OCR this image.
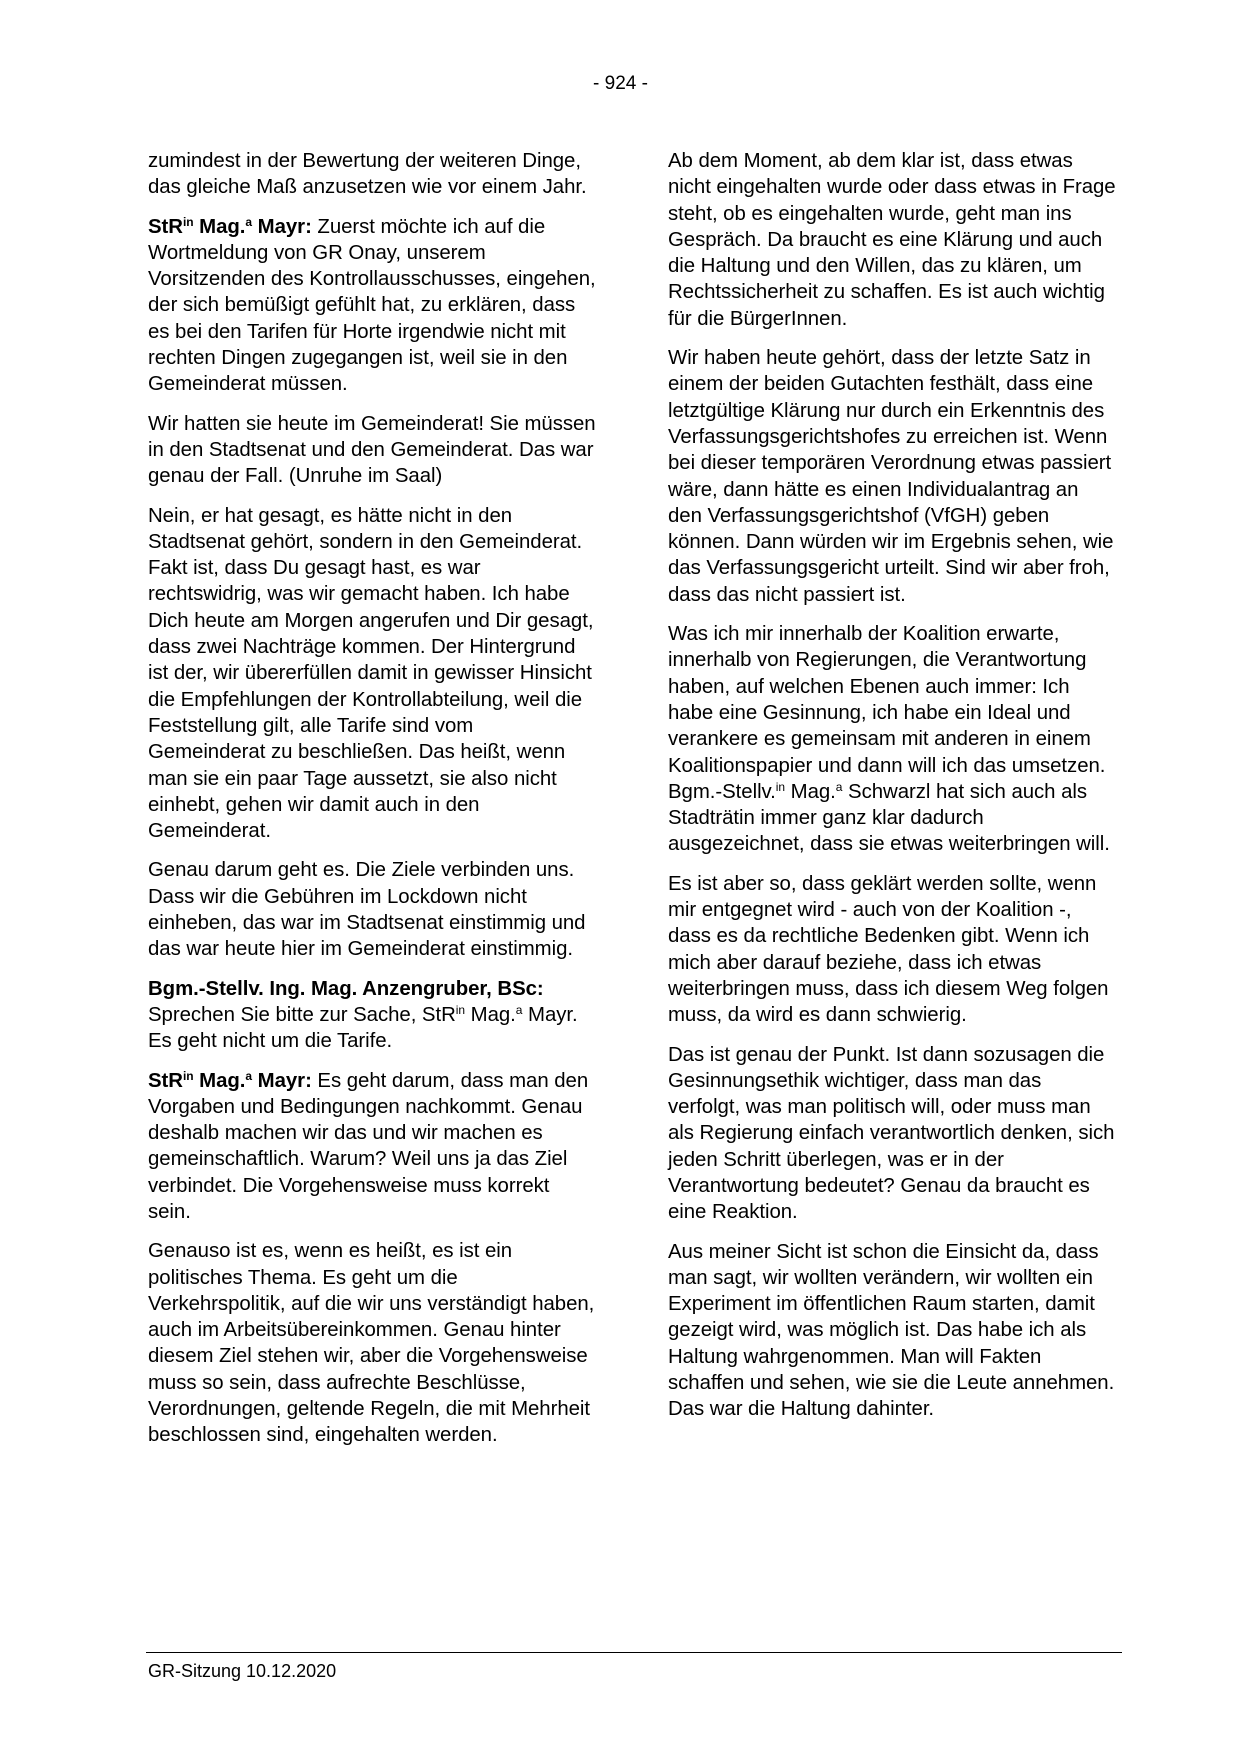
- 924 -

zumindest in der Bewertung der weiteren Dinge, das gleiche Maß anzusetzen wie vor einem Jahr.

StR$^{in}$ Mag.$^a$ Mayr: Zuerst möchte ich auf die Wortmeldung von GR Onay, unserem Vorsitzenden des Kontrollausschusses, eingehen, der sich bemüßigt gefühlt hat, zu erklären, dass es bei den Tarifen für Horte irgendwie nicht mit rechten Dingen zugegangen ist, weil sie in den Gemeinderat müssen.

Wir hatten sie heute im Gemeinderat! Sie müssen in den Stadtsenat und den Gemeinderat. Das war genau der Fall. (Unruhe im Saal)

Nein, er hat gesagt, es hätte nicht in den Stadtsenat gehört, sondern in den Gemeinderat. Fakt ist, dass Du gesagt hast, es war rechtswidrig, was wir gemacht haben. Ich habe Dich heute am Morgen angerufen und Dir gesagt, dass zwei Nachträge kommen. Der Hintergrund ist der, wir übererfüllen damit in gewisser Hinsicht die Empfehlungen der Kontrollabteilung, weil die Feststellung gilt, alle Tarife sind vom Gemeinderat zu beschließen. Das heißt, wenn man sie ein paar Tage aussetzt, sie also nicht einhebt, gehen wir damit auch in den Gemeinderat.

Genau darum geht es. Die Ziele verbinden uns. Dass wir die Gebühren im Lockdown nicht einheben, das war im Stadtsenat einstimmig und das war heute hier im Gemeinderat einstimmig.

Bgm.-Stellv. Ing. Mag. Anzengruber, BSc: Sprechen Sie bitte zur Sache, StR$^{in}$ Mag.$^a$ Mayr. Es geht nicht um die Tarife.

StR$^{in}$ Mag.$^a$ Mayr: Es geht darum, dass man den Vorgaben und Bedingungen nachkommt. Genau deshalb machen wir das und wir machen es gemeinschaftlich. Warum? Weil uns ja das Ziel verbindet. Die Vorgehensweise muss korrekt sein.

Genauso ist es, wenn es heißt, es ist ein politisches Thema. Es geht um die Verkehrspolitik, auf die wir uns verständigt haben, auch im Arbeitsübereinkommen. Genau hinter diesem Ziel stehen wir, aber die Vorgehensweise muss so sein, dass aufrechte Beschlüsse, Verordnungen, geltende Regeln, die mit Mehrheit beschlossen sind, eingehalten werden.

Ab dem Moment, ab dem klar ist, dass etwas nicht eingehalten wurde oder dass etwas in Frage steht, ob es eingehalten wurde, geht man ins Gespräch. Da braucht es eine Klärung und auch die Haltung und den Willen, das zu klären, um Rechtssicherheit zu schaffen. Es ist auch wichtig für die BürgerInnen.

Wir haben heute gehört, dass der letzte Satz in einem der beiden Gutachten festhält, dass eine letztgültige Klärung nur durch ein Erkenntnis des Verfassungsgerichtshofes zu erreichen ist. Wenn bei dieser temporären Verordnung etwas passiert wäre, dann hätte es einen Individualantrag an den Verfassungsgerichtshof (VfGH) geben können. Dann würden wir im Ergebnis sehen, wie das Verfassungsgericht urteilt. Sind wir aber froh, dass das nicht passiert ist.

Was ich mir innerhalb der Koalition erwarte, innerhalb von Regierungen, die Verantwortung haben, auf welchen Ebenen auch immer: Ich habe eine Gesinnung, ich habe ein Ideal und verankere es gemeinsam mit anderen in einem Koalitionspapier und dann will ich das umsetzen. Bgm.-Stellv.$^{in}$ Mag.$^a$ Schwarzl hat sich auch als Stadträtin immer ganz klar dadurch ausgezeichnet, dass sie etwas weiterbringen will.

Es ist aber so, dass geklärt werden sollte, wenn mir entgegnet wird - auch von der Koalition -, dass es da rechtliche Bedenken gibt. Wenn ich mich aber darauf beziehe, dass ich etwas weiterbringen muss, dass ich diesem Weg folgen muss, da wird es dann schwierig.

Das ist genau der Punkt. Ist dann sozusagen die Gesinnungsethik wichtiger, dass man das verfolgt, was man politisch will, oder muss man als Regierung einfach verantwortlich denken, sich jeden Schritt überlegen, was er in der Verantwortung bedeutet? Genau da braucht es eine Reaktion.

Aus meiner Sicht ist schon die Einsicht da, dass man sagt, wir wollten verändern, wir wollten ein Experiment im öffentlichen Raum starten, damit gezeigt wird, was möglich ist. Das habe ich als Haltung wahrgenommen. Man will Fakten schaffen und sehen, wie sie die Leute annehmen. Das war die Haltung dahinter.

GR-Sitzung 10.12.2020
